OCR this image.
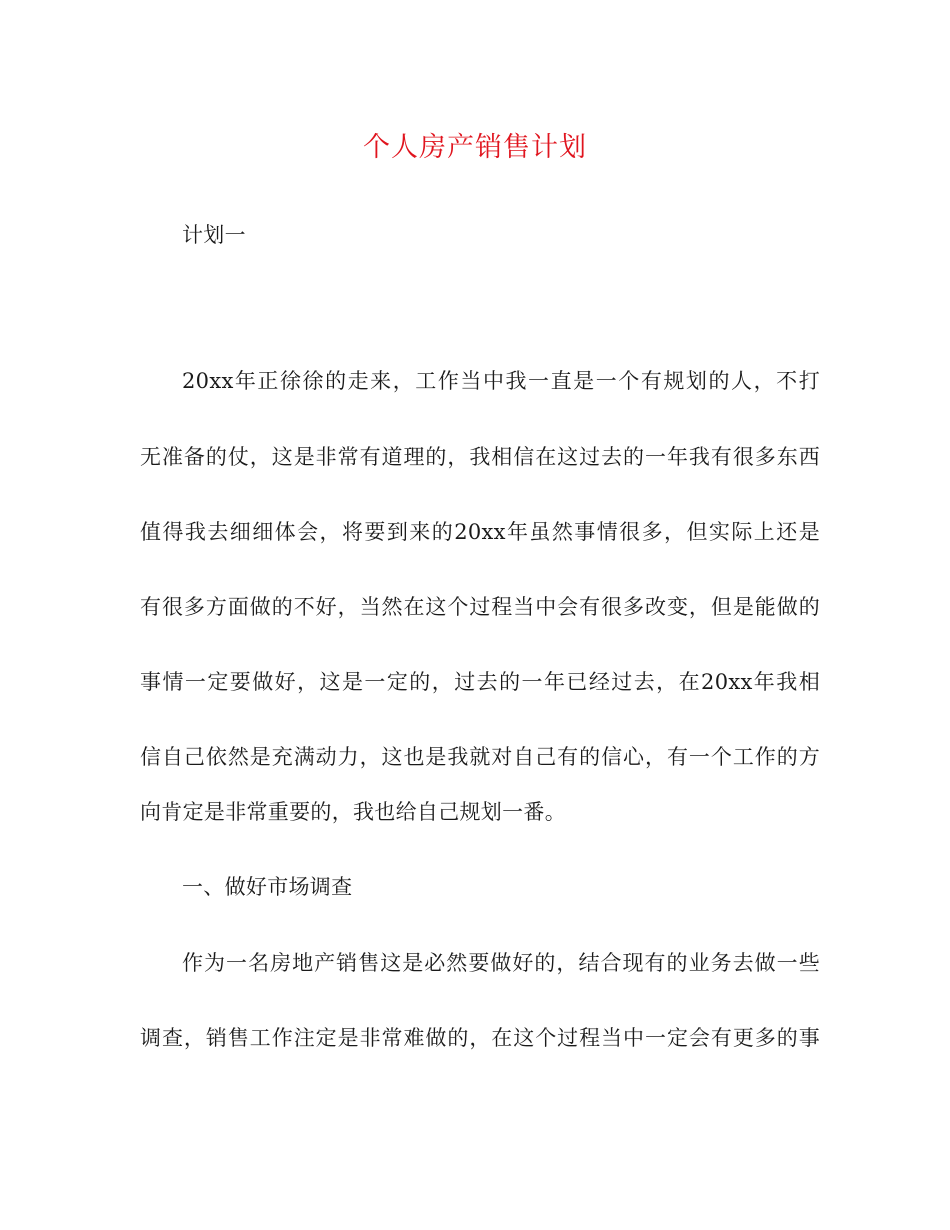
个人房产销售计划
计划一
20xx年正徐徐的走来，工作当中我一直是一个有规划的人，不打
无准备的仗，这是非常有道理的，我相信在这过去的一年我有很多东西
值得我去细细体会，将要到来的20xx年虽然事情很多，但实际上还是
有很多方面做的不好，当然在这个过程当中会有很多改变，但是能做的
事情一定要做好，这是一定的，过去的一年已经过去，在20xx年我相
信自己依然是充满动力，这也是我就对自己有的信心，有一个工作的方
向肯定是非常重要的，我也给自己规划一番。
一、做好市场调查
作为一名房地产销售这是必然要做好的，结合现有的业务去做一些
调查，销售工作注定是非常难做的，在这个过程当中一定会有更多的事
